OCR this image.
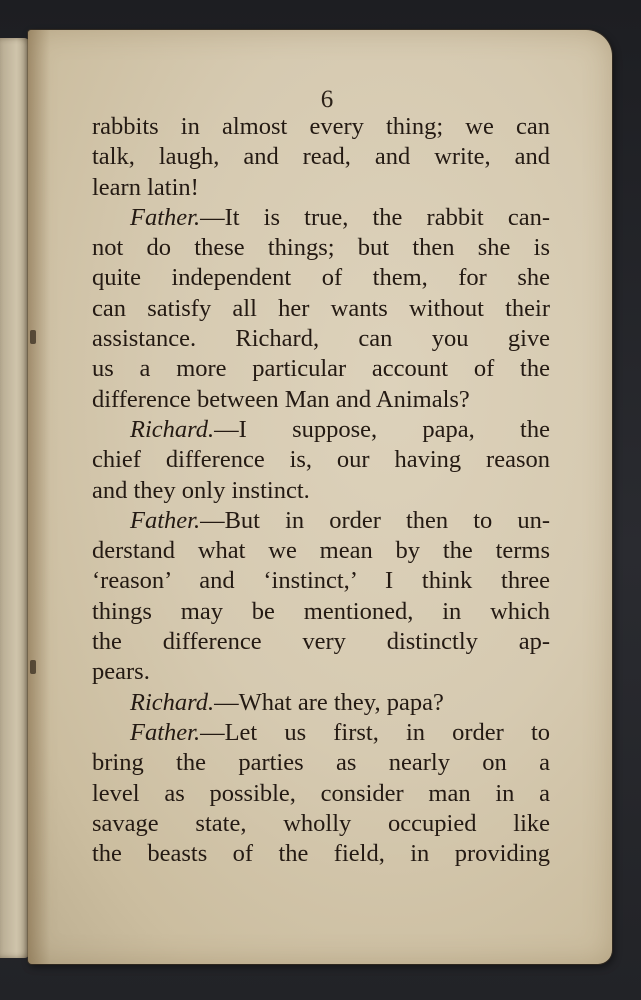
6
rabbits in almost every thing; we can
talk, laugh, and read, and write, and
learn latin!
Father.—It is true, the rabbit can-
not do these things; but then she is
quite independent of them, for she
can satisfy all her wants without their
assistance. Richard, can you give
us a more particular account of the
difference between Man and Animals?
Richard.—I suppose, papa, the
chief difference is, our having reason
and they only instinct.
Father.—But in order then to un-
derstand what we mean by the terms
‘reason’ and ‘instinct,’ I think three
things may be mentioned, in which
the difference very distinctly ap-
pears.
Richard.—What are they, papa?
Father.—Let us first, in order to
bring the parties as nearly on a
level as possible, consider man in a
savage state, wholly occupied like
the beasts of the field, in providing
